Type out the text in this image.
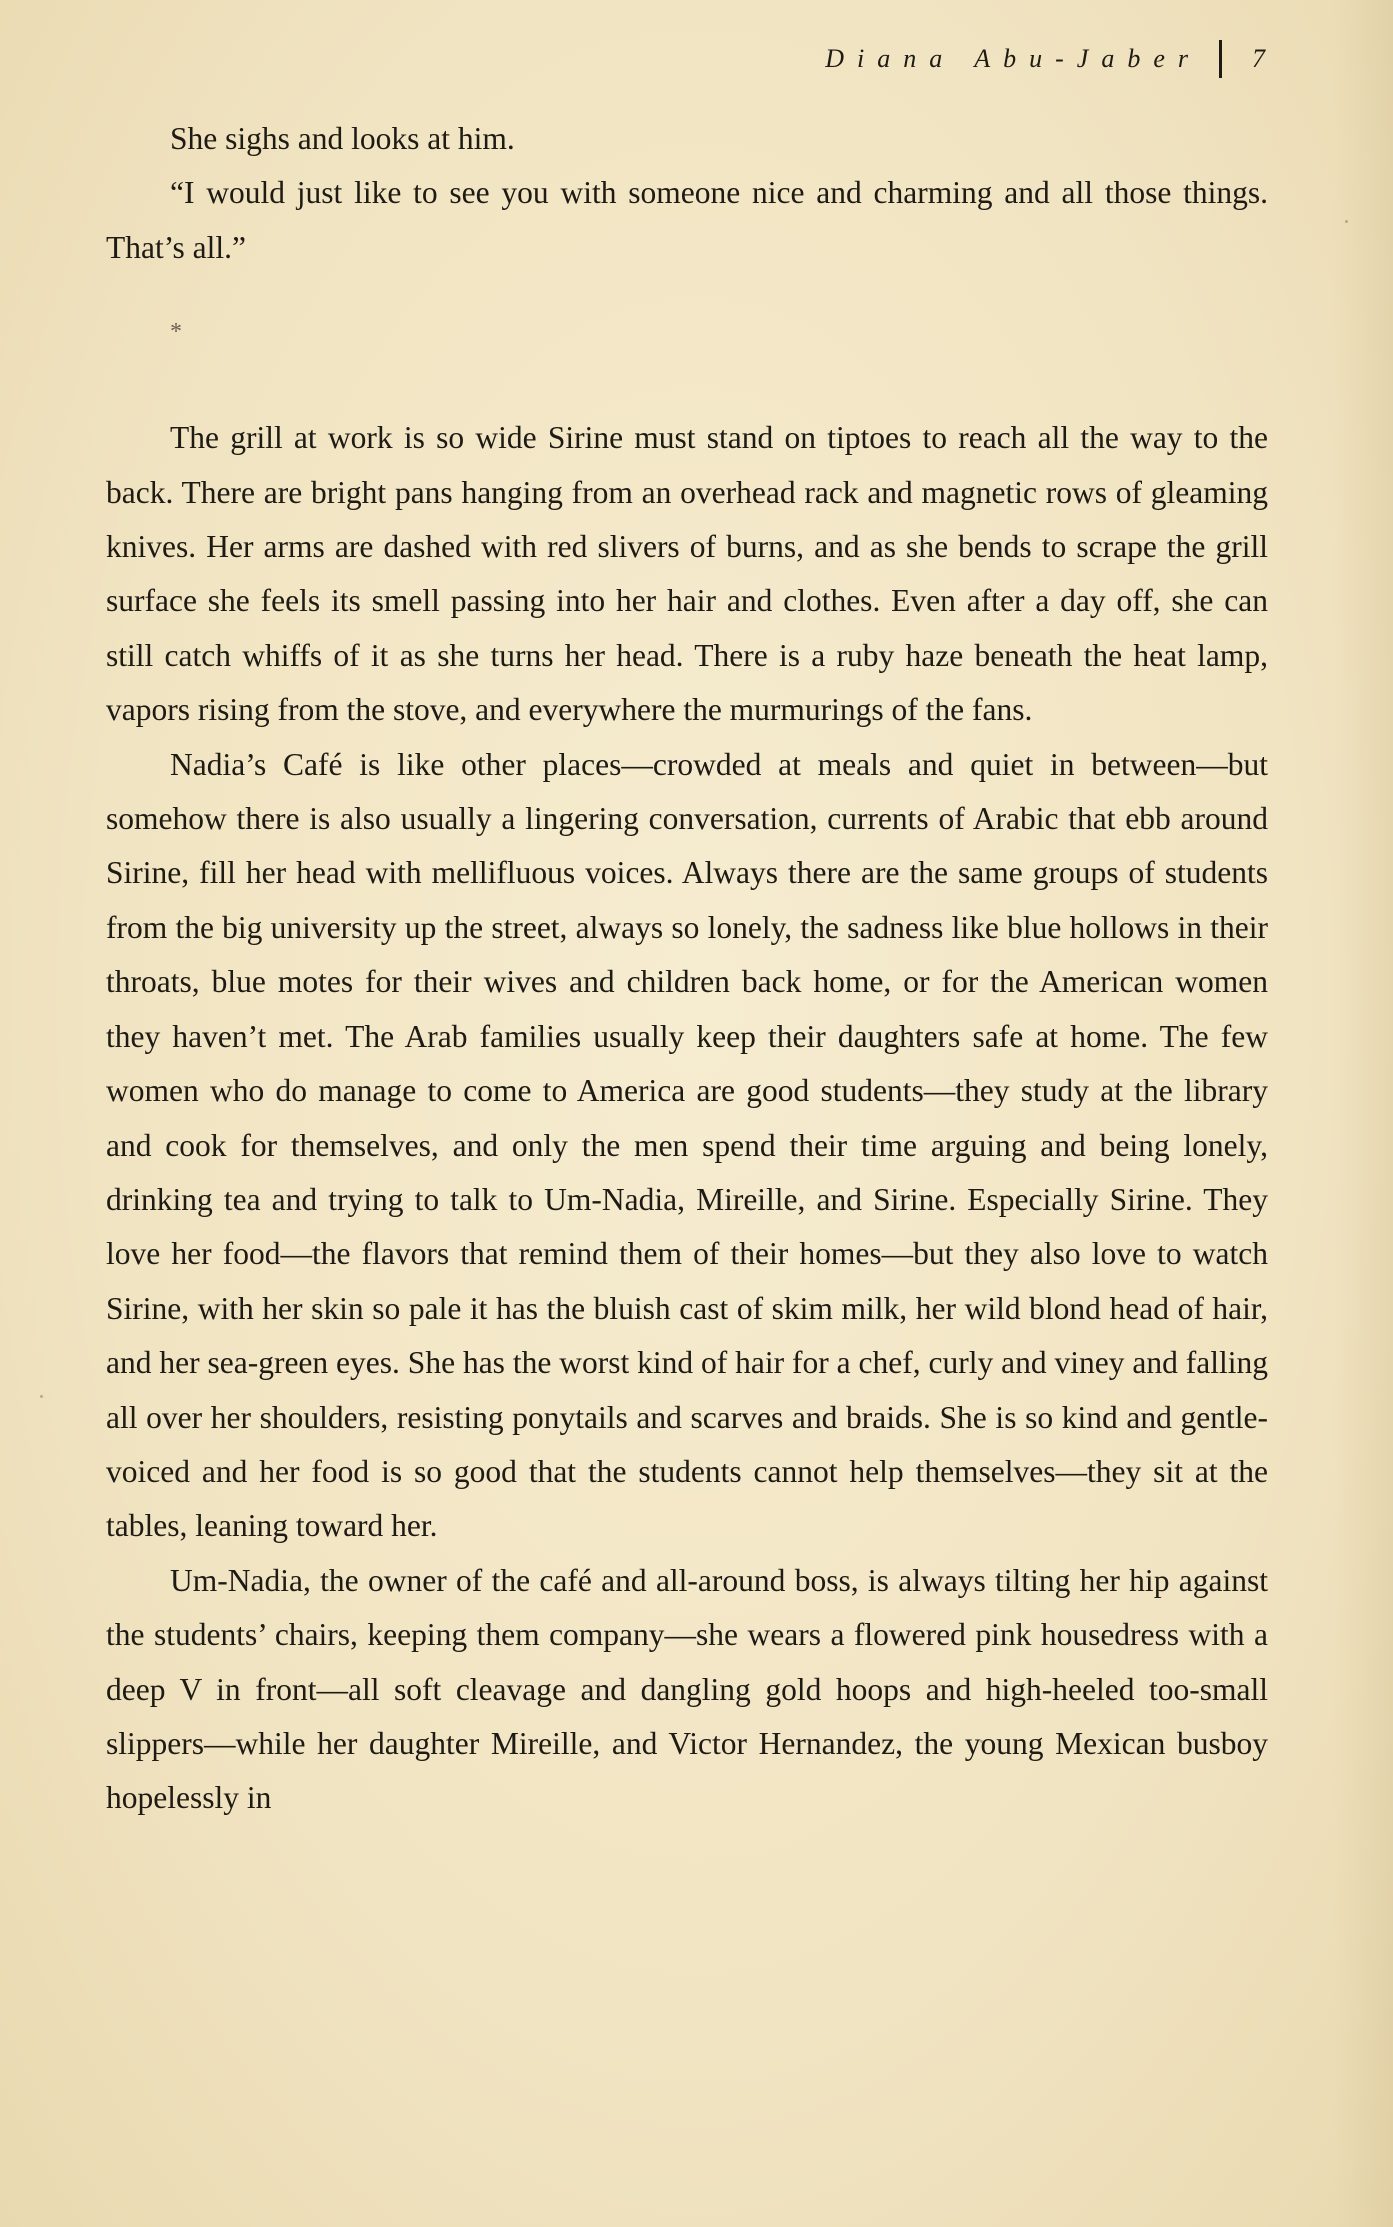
Diana Abu-Jaber 7

She sighs and looks at him.

“I would just like to see you with someone nice and charming and all those things. That’s all.”

*

The grill at work is so wide Sirine must stand on tiptoes to reach all the way to the back. There are bright pans hanging from an overhead rack and magnetic rows of gleaming knives. Her arms are dashed with red slivers of burns, and as she bends to scrape the grill surface she feels its smell passing into her hair and clothes. Even after a day off, she can still catch whiffs of it as she turns her head. There is a ruby haze beneath the heat lamp, vapors rising from the stove, and everywhere the murmurings of the fans.

Nadia’s Café is like other places—crowded at meals and quiet in between—but somehow there is also usually a lingering conversation, currents of Arabic that ebb around Sirine, fill her head with mellifluous voices. Always there are the same groups of students from the big university up the street, always so lonely, the sadness like blue hollows in their throats, blue motes for their wives and children back home, or for the American women they haven’t met. The Arab families usually keep their daughters safe at home. The few women who do manage to come to America are good students—they study at the library and cook for themselves, and only the men spend their time arguing and being lonely, drinking tea and trying to talk to Um-Nadia, Mireille, and Sirine. Especially Sirine. They love her food—the flavors that remind them of their homes—but they also love to watch Sirine, with her skin so pale it has the bluish cast of skim milk, her wild blond head of hair, and her sea-green eyes. She has the worst kind of hair for a chef, curly and viney and falling all over her shoulders, resisting ponytails and scarves and braids. She is so kind and gentle-voiced and her food is so good that the students cannot help themselves—they sit at the tables, leaning toward her.

Um-Nadia, the owner of the café and all-around boss, is always tilting her hip against the students’ chairs, keeping them company—she wears a flowered pink housedress with a deep V in front—all soft cleavage and dangling gold hoops and high-heeled too-small slippers—while her daughter Mireille, and Victor Hernandez, the young Mexican busboy hopelessly in
